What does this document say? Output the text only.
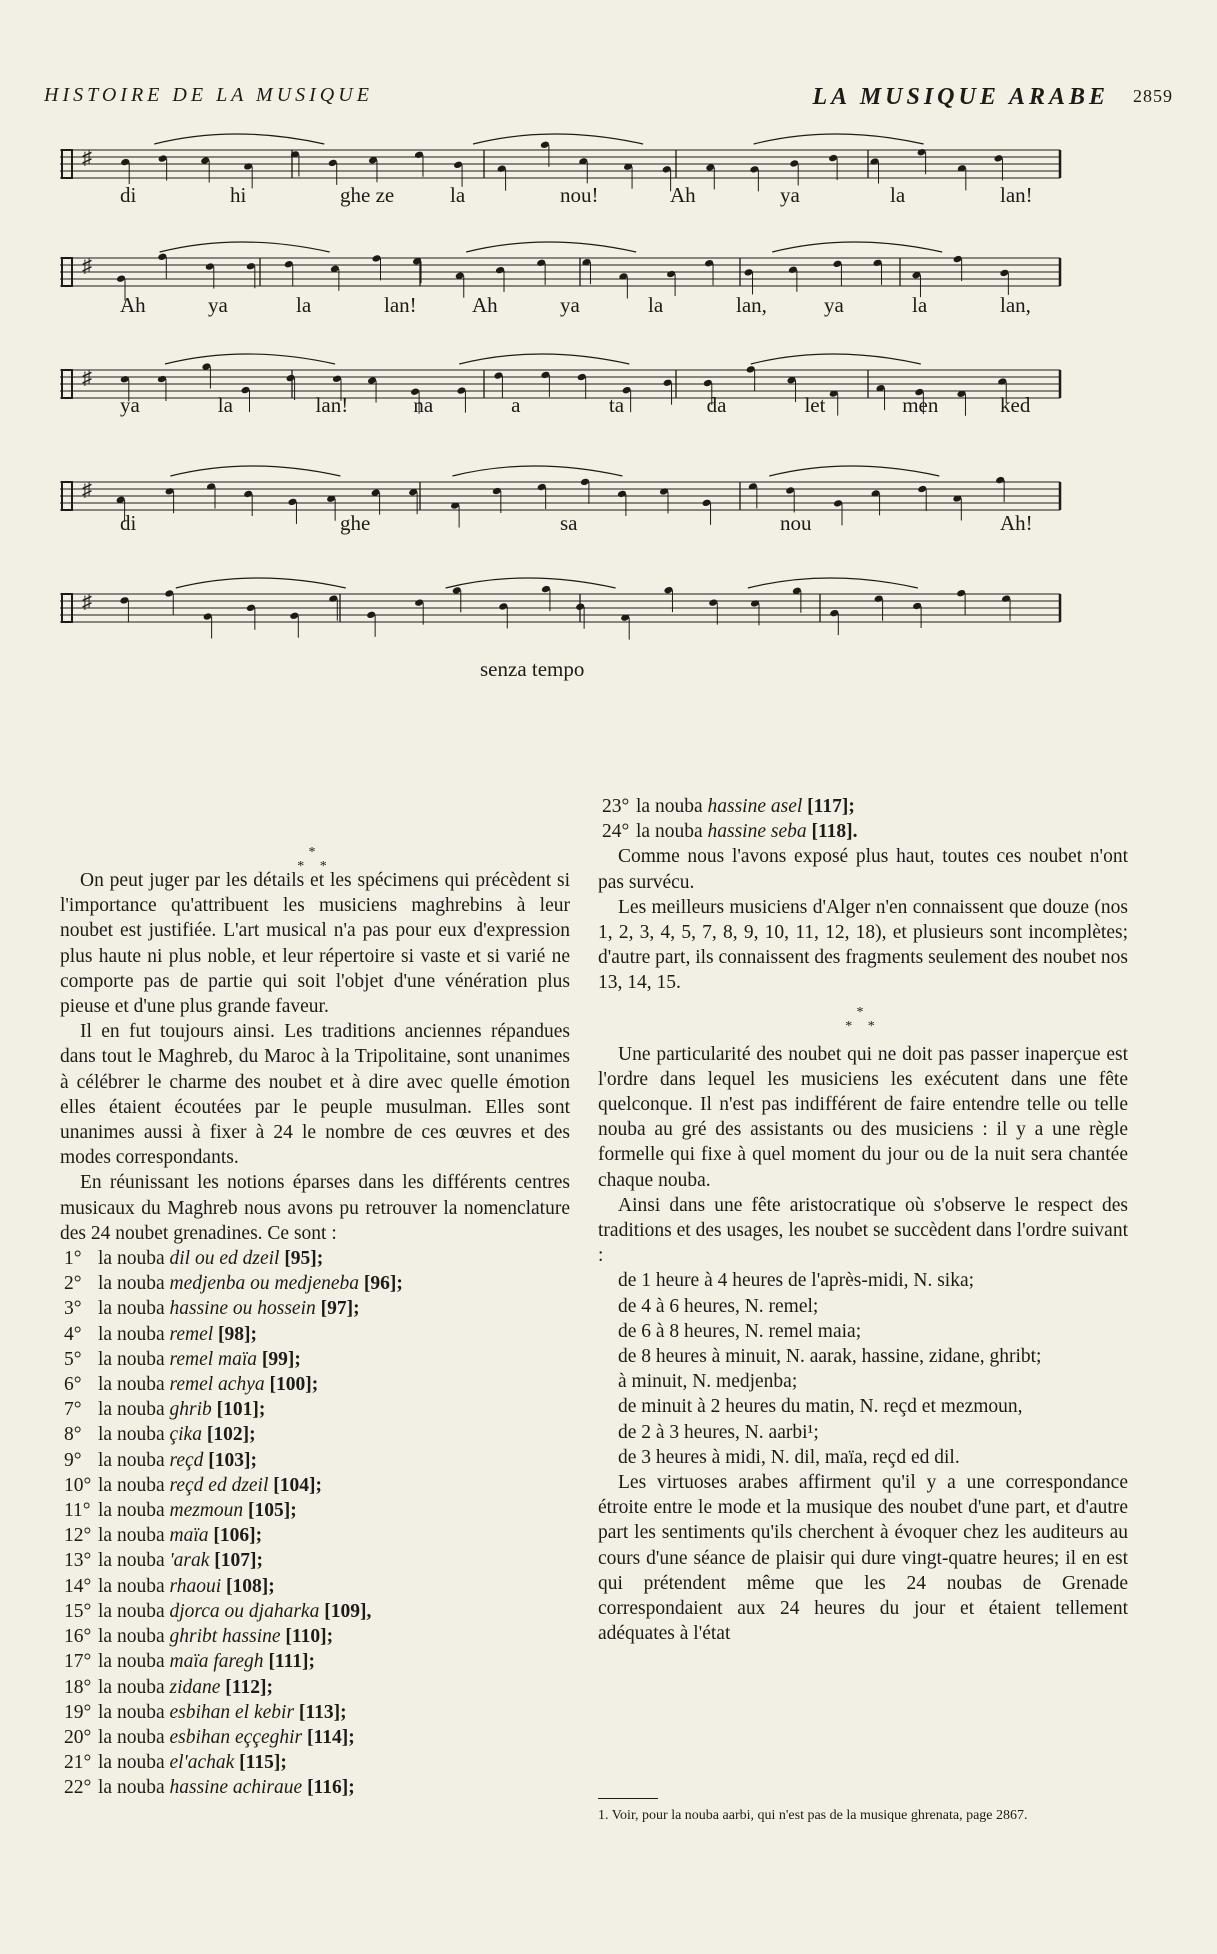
HISTOIRE DE LA MUSIQUE	LA MUSIQUE ARABE 2859
♯
♯
♯
♯
♯
di	hi	ghe ze	la	nou!	Ah	ya	la	lan!
Ah	ya	la	lan!	Ah	ya	la	lan,	ya	la	lan,
ya	la	lan!	na	a	ta	da	let	men	ked
di	ghe	sa	nou	Ah!
senza tempo
*
* *

On peut juger par les détails et les spécimens qui précèdent si l'importance qu'attribuent les musiciens maghrebins à leur noubet est justifiée. L'art musical n'a pas pour eux d'expression plus haute ni plus noble, et leur répertoire si vaste et si varié ne comporte pas de partie qui soit l'objet d'une vénération plus pieuse et d'une plus grande faveur.

Il en fut toujours ainsi. Les traditions anciennes répandues dans tout le Maghreb, du Maroc à la Tripolitaine, sont unanimes à célébrer le charme des noubet et à dire avec quelle émotion elles étaient écoutées par le peuple musulman. Elles sont unanimes aussi à fixer à 24 le nombre de ces œuvres et des modes correspondants.

En réunissant les notions éparses dans les différents centres musicaux du Maghreb nous avons pu retrouver la nomenclature des 24 noubet grenadines. Ce sont :

1° la nouba dil ou ed dzeil [95];
2° la nouba medjenba ou medjeneba [96];
3° la nouba hassine ou hossein [97];
4° la nouba remel [98];
5° la nouba remel maïa [99];
6° la nouba remel achya [100];
7° la nouba ghrib [101];
8° la nouba çika [102];
9° la nouba reçd [103];
10° la nouba reçd ed dzeil [104];
11° la nouba mezmoun [105];
12° la nouba maïa [106];
13° la nouba 'arak [107];
14° la nouba rhaoui [108];
15° la nouba djorca ou djaharka [109],
16° la nouba ghribt hassine [110];
17° la nouba maïa faregh [111];
18° la nouba zidane [112];
19° la nouba esbihan el kebir [113];
20° la nouba esbihan eççeghir [114];
21° la nouba el'achak [115];
22° la nouba hassine achiraue [116];
23° la nouba hassine asel [117];
24° la nouba hassine seba [118].

Comme nous l'avons exposé plus haut, toutes ces noubet n'ont pas survécu.

Les meilleurs musiciens d'Alger n'en connaissent que douze (nos 1, 2, 3, 4, 5, 7, 8, 9, 10, 11, 12, 18), et plusieurs sont incomplètes; d'autre part, ils connaissent des fragments seulement des noubet nos 13, 14, 15.

*
* *

Une particularité des noubet qui ne doit pas passer inaperçue est l'ordre dans lequel les musiciens les exécutent dans une fête quelconque. Il n'est pas indifférent de faire entendre telle ou telle nouba au gré des assistants ou des musiciens : il y a une règle formelle qui fixe à quel moment du jour ou de la nuit sera chantée chaque nouba.

Ainsi dans une fête aristocratique où s'observe le respect des traditions et des usages, les noubet se succèdent dans l'ordre suivant :

de 1 heure à 4 heures de l'après-midi, N. sika;

de 4 à 6 heures, N. remel;

de 6 à 8 heures, N. remel maia;

de 8 heures à minuit, N. aarak, hassine, zidane, ghribt;

à minuit, N. medjenba;

de minuit à 2 heures du matin, N. reçd et mezmoun,

de 2 à 3 heures, N. aarbi¹;

de 3 heures à midi, N. dil, maïa, reçd ed dil.

Les virtuoses arabes affirment qu'il y a une correspondance étroite entre le mode et la musique des noubet d'une part, et d'autre part les sentiments qu'ils cherchent à évoquer chez les auditeurs au cours d'une séance de plaisir qui dure vingt-quatre heures; il en est qui prétendent même que les 24 noubas de Grenade correspondaient aux 24 heures du jour et étaient tellement adéquates à l'état

1. Voir, pour la nouba aarbi, qui n'est pas de la musique ghrenata, page 2867.
